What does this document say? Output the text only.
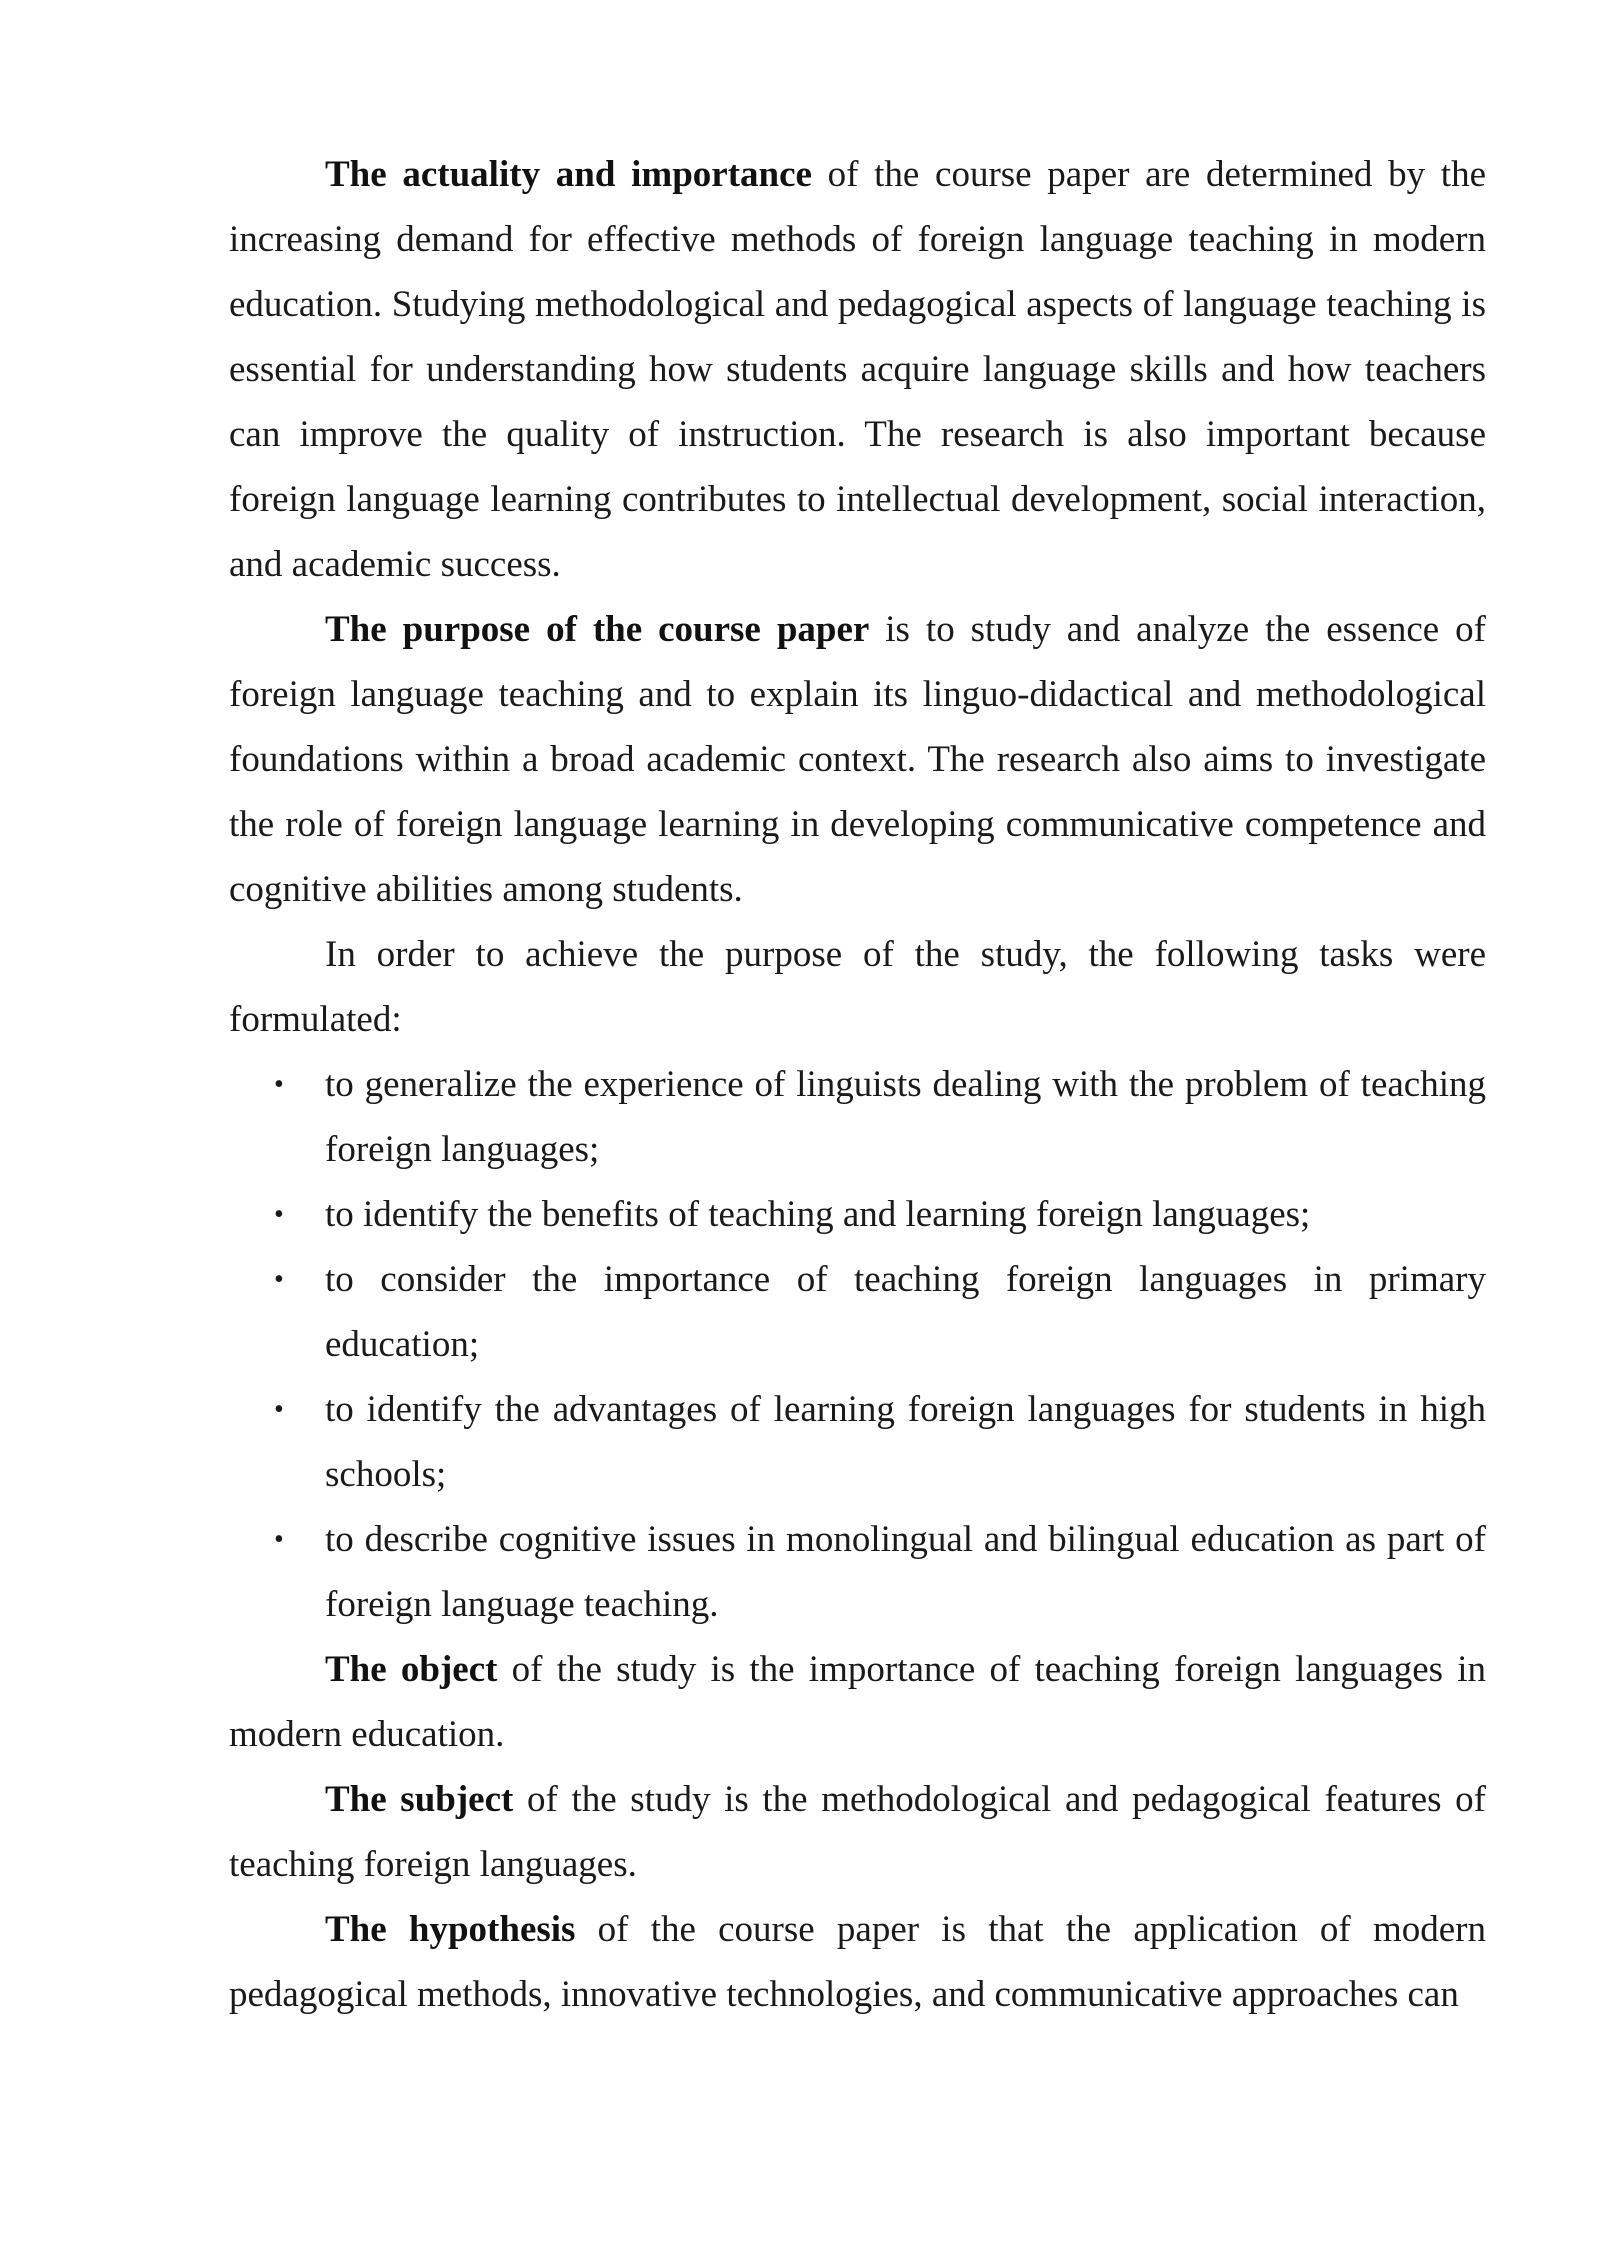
The actuality and importance of the course paper are determined by the increasing demand for effective methods of foreign language teaching in modern education. Studying methodological and pedagogical aspects of language teaching is essential for understanding how students acquire language skills and how teachers can improve the quality of instruction. The research is also important because foreign language learning contributes to intellectual development, social interaction, and academic success.

The purpose of the course paper is to study and analyze the essence of foreign language teaching and to explain its linguo-didactical and methodological foundations within a broad academic context. The research also aims to investigate the role of foreign language learning in developing communicative competence and cognitive abilities among students.

In order to achieve the purpose of the study, the following tasks were formulated:

• to generalize the experience of linguists dealing with the problem of teaching foreign languages;
• to identify the benefits of teaching and learning foreign languages;
• to consider the importance of teaching foreign languages in primary education;
• to identify the advantages of learning foreign languages for students in high schools;
• to describe cognitive issues in monolingual and bilingual education as part of foreign language teaching.

The object of the study is the importance of teaching foreign languages in modern education.

The subject of the study is the methodological and pedagogical features of teaching foreign languages.

The hypothesis of the course paper is that the application of modern pedagogical methods, innovative technologies, and communicative approaches can
